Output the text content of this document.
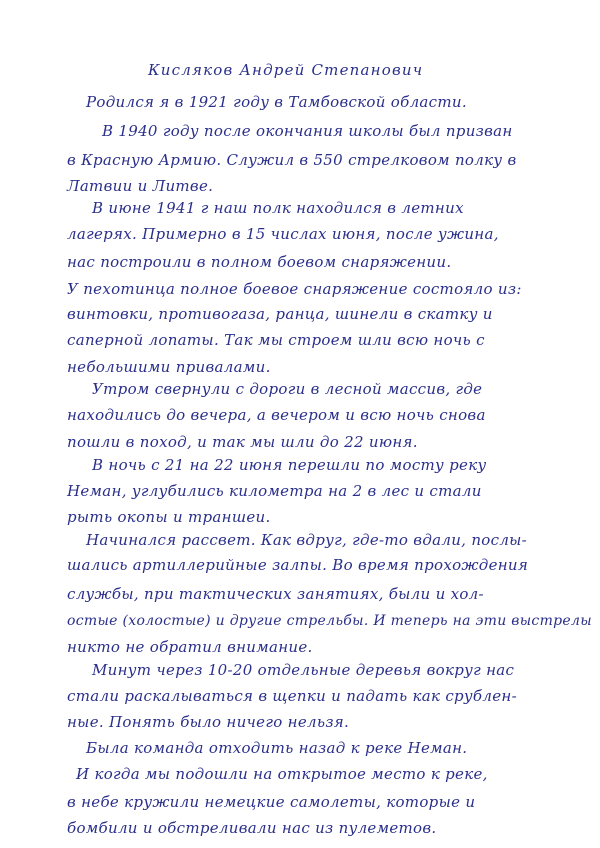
Кисляков Андрей Степанович
Родился я в 1921 году в Тамбовской области.
В 1940 году после окончания школы был призван
в Красную Армию. Служил в 550 стрелковом полку в
Латвии и Литве.
В июне 1941 г наш полк находился в летних
лагерях. Примерно в 15 числах июня, после ужина,
нас построили в полном боевом снаряжении.
У пехотинца полное боевое снаряжение состояло из:
винтовки, противогаза, ранца, шинели в скатку и
саперной лопаты. Так мы строем шли всю ночь с
небольшими привалами.
Утром свернули с дороги в лесной массив, где
находились до вечера, а вечером и всю ночь снова
пошли в поход, и так мы шли до 22 июня.
В ночь с 21 на 22 июня перешли по мосту реку
Неман, углубились километра на 2 в лес и стали
рыть окопы и траншеи.
Начинался рассвет. Как вдруг, где-то вдали, послы-
шались артиллерийные залпы. Во время прохождения
службы, при тактических занятиях, были и хол-
остые (холостые) и другие стрельбы. И теперь на эти выстрелы
никто не обратил внимание.
Минут через 10-20 отдельные деревья вокруг нас
стали раскалываться в щепки и падать как срублен-
ные. Понять было ничего нельзя.
Была команда отходить назад к реке Неман.
И когда мы подошли на открытое место к реке,
в небе кружили немецкие самолеты, которые и
бомбили и обстреливали нас из пулеметов.
